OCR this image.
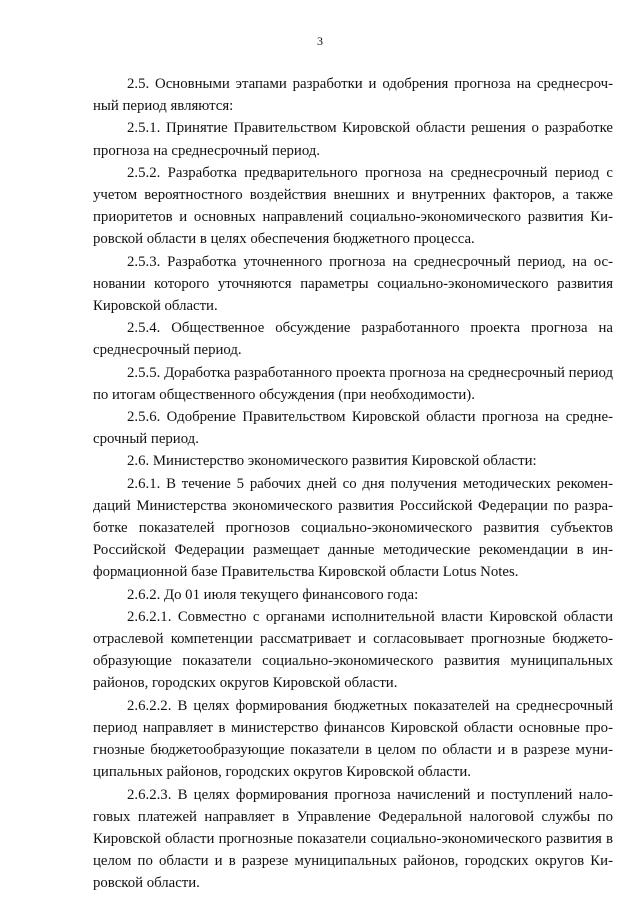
3

2.5. Основными этапами разработки и одобрения прогноза на среднесрочный период являются:

2.5.1. Принятие Правительством Кировской области решения о разработке прогноза на среднесрочный период.

2.5.2. Разработка предварительного прогноза на среднесрочный период с учетом вероятностного воздействия внешних и внутренних факторов, а также приоритетов и основных направлений социально-экономического развития Кировской области в целях обеспечения бюджетного процесса.

2.5.3. Разработка уточненного прогноза на среднесрочный период, на основании которого уточняются параметры социально-экономического развития Кировской области.

2.5.4. Общественное обсуждение разработанного проекта прогноза на среднесрочный период.

2.5.5. Доработка разработанного проекта прогноза на среднесрочный период по итогам общественного обсуждения (при необходимости).

2.5.6. Одобрение Правительством Кировской области прогноза на среднесрочный период.

2.6. Министерство экономического развития Кировской области:

2.6.1. В течение 5 рабочих дней со дня получения методических рекомендаций Министерства экономического развития Российской Федерации по разработке показателей прогнозов социально-экономического развития субъектов Российской Федерации размещает данные методические рекомендации в информационной базе Правительства Кировской области Lotus Notes.

2.6.2. До 01 июля текущего финансового года:

2.6.2.1. Совместно с органами исполнительной власти Кировской области отраслевой компетенции рассматривает и согласовывает прогнозные бюджетообразующие показатели социально-экономического развития муниципальных районов, городских округов Кировской области.

2.6.2.2. В целях формирования бюджетных показателей на среднесрочный период направляет в министерство финансов Кировской области основные прогнозные бюджетообразующие показатели в целом по области и в разрезе муниципальных районов, городских округов Кировской области.

2.6.2.3. В целях формирования прогноза начислений и поступлений налоговых платежей направляет в Управление Федеральной налоговой службы по Кировской области прогнозные показатели социально-экономического развития в целом по области и в разрезе муниципальных районов, городских округов Кировской области.
